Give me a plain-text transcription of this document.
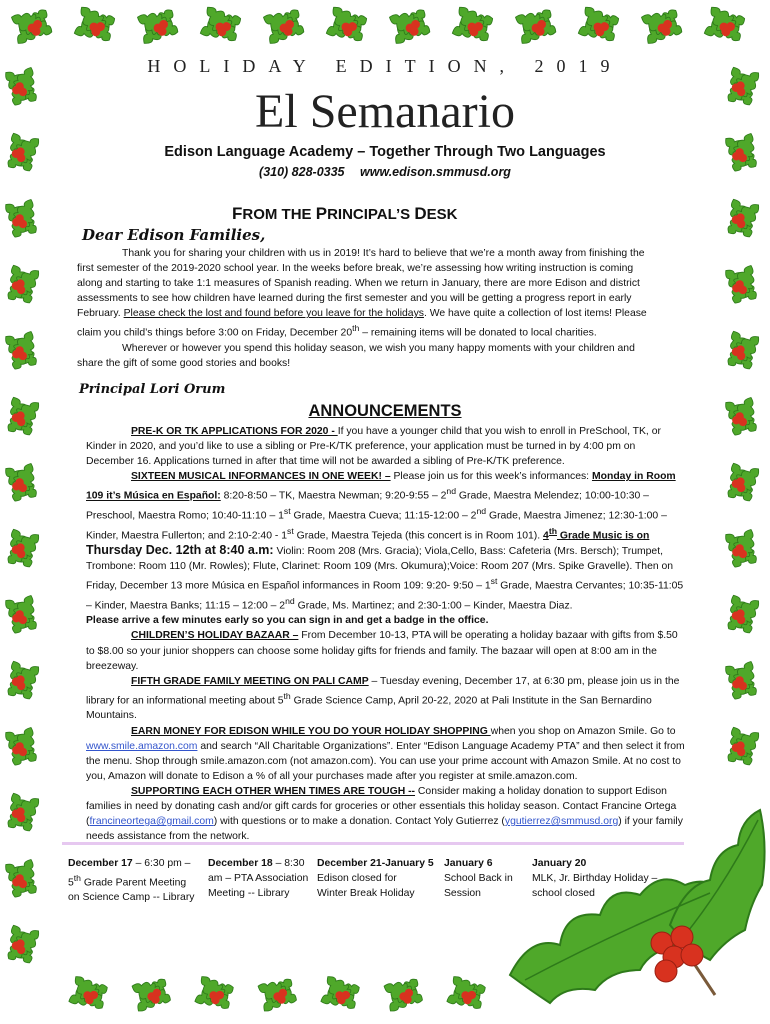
HOLIDAY EDITION, 2019
El Semanario
Edison Language Academy – Together Through Two Languages
(310) 828-0335 www.edison.smmusd.org
FROM THE PRINCIPAL’S DESK
Dear Edison Families,

Thank you for sharing your children with us in 2019! It’s hard to believe that we’re a month away from finishing the first semester of the 2019-2020 school year. In the weeks before break, we’re assessing how writing instruction is coming along and starting to take 1:1 measures of Spanish reading. When we return in January, there are more Edison and district assessments to see how children have learned during the first semester and you will be getting a progress report in early February. Please check the lost and found before you leave for the holidays. We have quite a collection of lost items! Please claim you child’s things before 3:00 on Friday, December 20th – remaining items will be donated to local charities.

Wherever or however you spend this holiday season, we wish you many happy moments with your children and share the gift of some good stories and books!

Principal Lori Orum
ANNOUNCEMENTS

PRE-K OR TK APPLICATIONS FOR 2020 - If you have a younger child that you wish to enroll in PreSchool, TK, or Kinder in 2020, and you’d like to use a sibling or Pre-K/TK preference, your application must be turned in by 4:00 pm on December 16. Applications turned in after that time will not be awarded a sibling of Pre-K/TK preference.

SIXTEEN MUSICAL INFORMANCES IN ONE WEEK! – Please join us for this week’s informances: Monday in Room 109 it’s Música en Español: 8:20-8:50 – TK, Maestra Newman; 9:20-9:55 – 2nd Grade, Maestra Melendez; 10:00-10:30 – Preschool, Maestra Romo; 10:40-11:10 – 1st Grade, Maestra Cueva; 11:15-12:00 – 2nd Grade, Maestra Jimenez; 12:30-1:00 – Kinder, Maestra Fullerton; and 2:10-2:40 - 1st Grade, Maestra Tejeda (this concert is in Room 101). 4th Grade Music is on
Thursday Dec. 12th at 8:40 a.m: Violin: Room 208 (Mrs. Gracia); Viola,Cello, Bass: Cafeteria (Mrs. Bersch); Trumpet, Trombone: Room 110 (Mr. Rowles); Flute, Clarinet: Room 109 (Mrs. Okumura);Voice: Room 207 (Mrs. Spike Gravelle). Then on Friday, December 13 more Música en Español informances in Room 109: 9:20- 9:50 – 1st Grade, Maestra Cervantes; 10:35-11:05 – Kinder, Maestra Banks; 11:15 – 12:00 – 2nd Grade, Ms. Martinez; and 2:30-1:00 – Kinder, Maestra Diaz.
Please arrive a few minutes early so you can sign in and get a badge in the office.

CHILDREN’S HOLIDAY BAZAAR – From December 10-13, PTA will be operating a holiday bazaar with gifts from $.50 to $8.00 so your junior shoppers can choose some holiday gifts for friends and family. The bazaar will open at 8:00 am in the breezeway.

FIFTH GRADE FAMILY MEETING ON PALI CAMP – Tuesday evening, December 17, at 6:30 pm, please join us in the library for an informational meeting about 5th Grade Science Camp, April 20-22, 2020 at Pali Institute in the San Bernardino Mountains.

EARN MONEY FOR EDISON WHILE YOU DO YOUR HOLIDAY SHOPPING when you shop on Amazon Smile. Go to www.smile.amazon.com and search “All Charitable Organizations”. Enter “Edison Language Academy PTA” and then select it from the menu. Shop through smile.amazon.com (not amazon.com). You can use your prime account with Amazon Smile. At no cost to you, Amazon will donate to Edison a % of all your purchases made after you register at smile.amazon.com.

SUPPORTING EACH OTHER WHEN TIMES ARE TOUGH -- Consider making a holiday donation to support Edison families in need by donating cash and/or gift cards for groceries or other essentials this holiday season. Contact Francine Ortega (francineortega@gmail.com) with questions or to make a donation. Contact Yoly Gutierrez (ygutierrez@smmusd.org) if your family needs assistance from the network.

December 17 – 6:30 pm –
5th Grade Parent Meeting
on Science Camp -- Library
December 18 – 8:30
am – PTA Association
Meeting -- Library
December 21-January 5
Edison closed for
Winter Break Holiday
January 6
School Back in
Session
January 20
MLK, Jr. Birthday Holiday –
school closed
